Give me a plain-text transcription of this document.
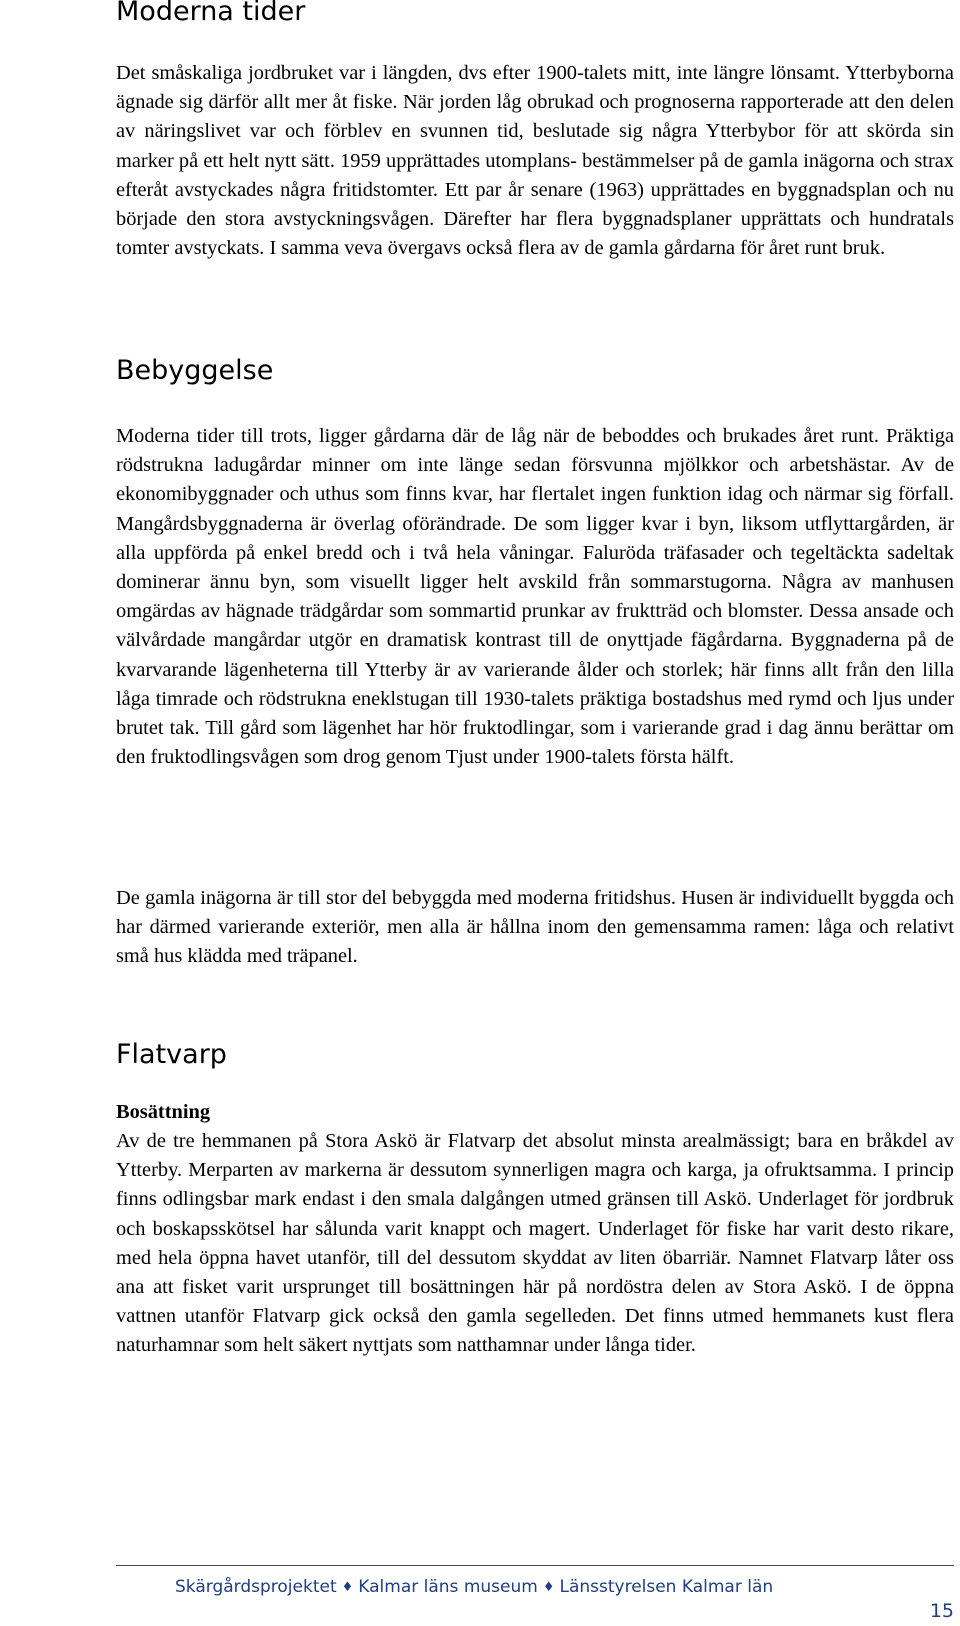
Moderna tider

Det småskaliga jordbruket var i längden, dvs efter 1900-talets mitt, inte längre lönsamt. Ytterbyborna ägnade sig därför allt mer åt fiske. När jorden låg obrukad och prognoserna rapporterade att den delen av näringslivet var och förblev en svunnen tid, beslutade sig några Ytterbybor för att skörda sin marker på ett helt nytt sätt. 1959 upprättades utomplans- bestämmelser på de gamla inägorna och strax efteråt avstyckades några fritidstomter. Ett par år senare (1963) upprättades en byggnadsplan och nu började den stora avstyckningsvågen. Därefter har flera byggnadsplaner upprättats och hundratals tomter avstyckats. I samma veva övergavs också flera av de gamla gårdarna för året runt bruk.

Bebyggelse

Moderna tider till trots, ligger gårdarna där de låg när de beboddes och brukades året runt. Präktiga rödstrukna ladugårdar minner om inte länge sedan försvunna mjölkkor och arbetshästar. Av de ekonomibyggnader och uthus som finns kvar, har flertalet ingen funktion idag och närmar sig förfall. Mangårdsbyggnaderna är överlag oförändrade. De som ligger kvar i byn, liksom utflyttargården, är alla uppförda på enkel bredd och i två hela våningar. Faluröda träfasader och tegeltäckta sadeltak dominerar ännu byn, som visuellt ligger helt avskild från sommarstugorna. Några av manhusen omgärdas av hägnade trädgårdar som sommartid prunkar av fruktträd och blomster. Dessa ansade och välvårdade mangårdar utgör en dramatisk kontrast till de onyttjade fägårdarna. Byggnaderna på de kvarvarande lägenheterna till Ytterby är av varierande ålder och storlek; här finns allt från den lilla låga timrade och rödstrukna eneklstugan till 1930-talets präktiga bostadshus med rymd och ljus under brutet tak. Till gård som lägenhet har hör fruktodlingar, som i varierande grad i dag ännu berättar om den fruktodlingsvågen som drog genom Tjust under 1900-talets första hälft.

De gamla inägorna är till stor del bebyggda med moderna fritidshus. Husen är individuellt byggda och har därmed varierande exteriör, men alla är hållna inom den gemensamma ramen: låga och relativt små hus klädda med träpanel.

Flatvarp
Bosättning

Av de tre hemmanen på Stora Askö är Flatvarp det absolut minsta arealmässigt; bara en bråkdel av Ytterby. Merparten av markerna är dessutom synnerligen magra och karga, ja ofruktsamma. I princip finns odlingsbar mark endast i den smala dalgången utmed gränsen till Askö. Underlaget för jordbruk och boskapsskötsel har sålunda varit knappt och magert. Underlaget för fiske har varit desto rikare, med hela öppna havet utanför, till del dessutom skyddat av liten öbarriär. Namnet Flatvarp låter oss ana att fisket varit ursprunget till bosättningen här på nordöstra delen av Stora Askö. I de öppna vattnen utanför Flatvarp gick också den gamla segelleden. Det finns utmed hemmanets kust flera naturhamnar som helt säkert nyttjats som natthamnar under långa tider.

Skärgårdsprojektet ♦ Kalmar läns museum ♦ Länsstyrelsen Kalmar län
15
